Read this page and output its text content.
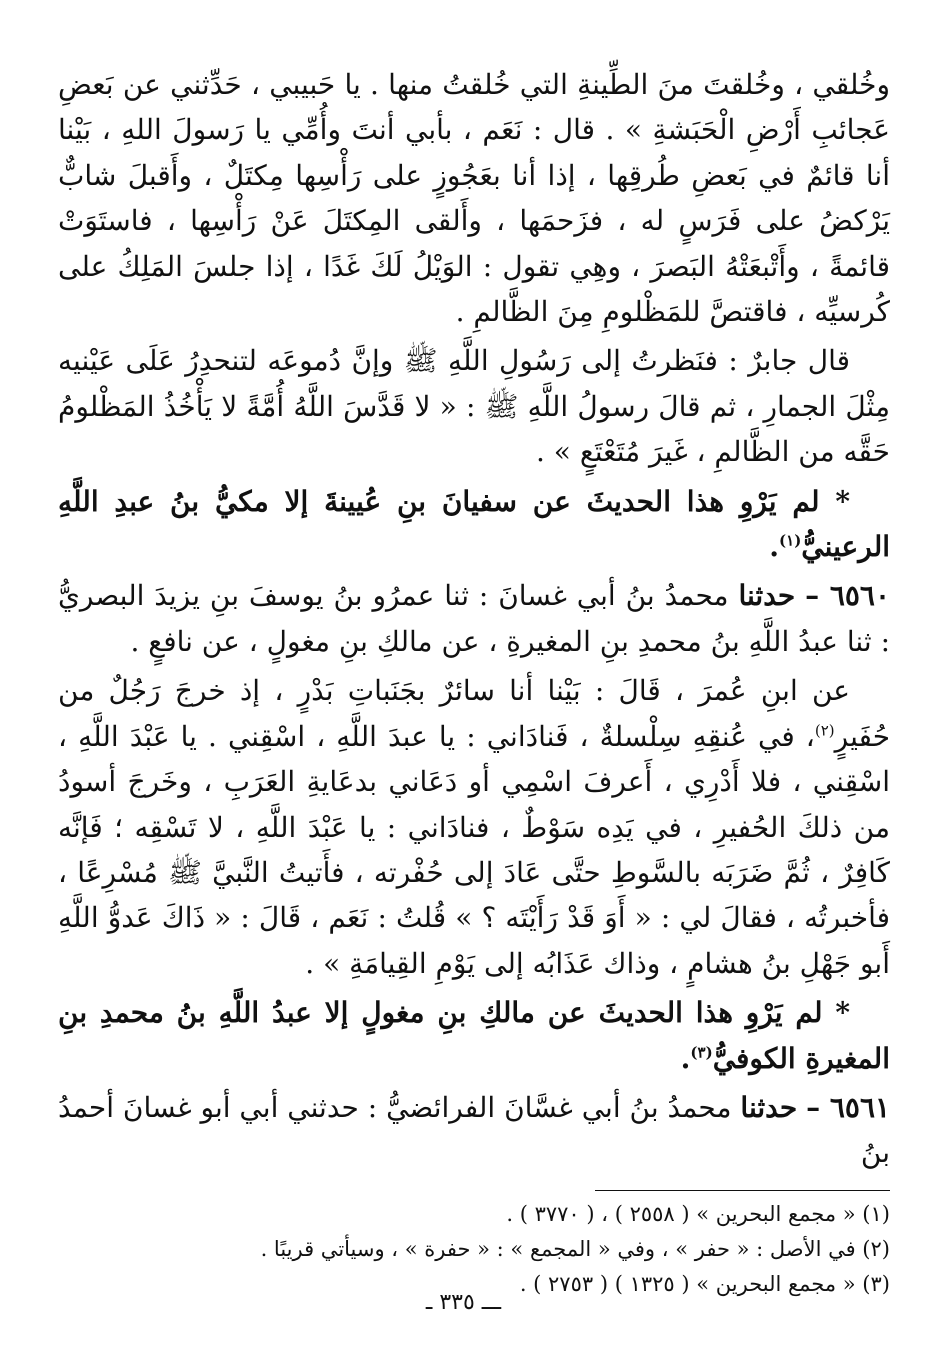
وخُلقي ، وخُلقتَ منَ الطِّينةِ التي خُلقتُ منها . يا حَبيبي ، حَدِّثني عن بَعضِ عَجائبِ أَرْضِ الْحَبَشةِ » . قال : نَعَم ، بأبي أنتَ وأُمِّي يا رَسولَ اللهِ ، بَيْنا أنا قائمٌ في بَعضِ طُرقِها ، إذا أنا بعَجُوزٍ على رَأْسِها مِكتَلٌ ، وأَقبلَ شابٌّ يَرْكضُ على فَرَسٍ له ، فزَحمَها ، وأَلقى المِكتَلَ عَنْ رَأْسِها ، فاستَوَتْ قائمةً ، وأَتْبعَتْهُ البَصرَ ، وهِي تقول : الوَيْلُ لَكَ غَدًا ، إذا جلسَ المَلِكُ على كُرسيِّه ، فاقتصَّ للمَظْلومِ مِنَ الظَّالمِ .

قال جابرٌ : فنَظرتُ إلى رَسُولِ اللَّهِ ﷺ وإنَّ دُموعَه لتنحدِرُ عَلَى عَيْنيه مِثْلَ الجمارِ ، ثم قالَ رسولُ اللَّهِ ﷺ : « لا قَدَّسَ اللَّهُ أُمَّةً لا يَأْخُذُ المَظْلومُ حَقَّه من الظَّالمِ ، غَيرَ مُتَعْتَعٍ » .

* لم يَرْوِ هذا الحديثَ عن سفيانَ بنِ عُيينةَ إلا مكيُّ بنُ عبدِ اللَّهِ الرعينيُّ$^{(١)}$.

٦٥٦٠ – حدثنا محمدُ بنُ أبي غسانَ : ثنا عمرُو بنُ يوسفَ بنِ يزيدَ البصريُّ : ثنا عبدُ اللَّهِ بنُ محمدِ بنِ المغيرةِ ، عن مالكِ بنِ مغولٍ ، عن نافعٍ .

عن ابنِ عُمرَ ، قَالَ : بَيْنا أنا سائرٌ بجَنَباتِ بَدْرٍ ، إذ خرجَ رَجُلٌ من حُفَيرٍ$^{(٢)}$، في عُنقِهِ سِلْسلةٌ ، فَنادَاني : يا عبدَ اللَّهِ ، اسْقِني . يا عَبْدَ اللَّهِ ، اسْقِني ، فلا أَدْرِي ، أَعرفَ اسْمِي أو دَعَاني بدعَايةِ العَرَبِ ، وخَرجَ أسودُ من ذلكَ الحُفيرِ ، في يَدِه سَوْطٌ ، فنادَاني : يا عَبْدَ اللَّهِ ، لا تَسْقِه ؛ فَإنَّه كَافِرٌ ، ثُمَّ ضَرَبَه بالسَّوطِ حتَّى عَادَ إلى حُفْرته ، فأَتيتُ النَّبيَّ ﷺ مُسْرِعًا ، فأخبرتُه ، فقالَ لي : « أَوَ قَدْ رَأَيْتَه ؟ » قُلتُ : نَعَم ، قَالَ : « ذَاكَ عَدوُّ اللَّهِ أَبو جَهْلِ بنُ هشامٍ ، وذاك عَذَابُه إلى يَوْمِ القِيامَةِ » .

* لم يَرْوِ هذا الحديثَ عن مالكِ بنِ مغولٍ إلا عبدُ اللَّهِ بنُ محمدِ بنِ المغيرةِ الكوفيُّ$^{(٣)}$.

٦٥٦١ – حدثنا محمدُ بنُ أبي غسَّانَ الفرائضيُّ : حدثني أبي أبو غسانَ أحمدُ بنُ

(١) « مجمع البحرين » ( ٢٥٥٨ ) ، ( ٣٧٧٠ ) .

(٢) في الأصل : « حفر » ، وفي « المجمع » : « حفرة » ، وسيأتي قريبًا .

(٣) « مجمع البحرين » ( ١٣٢٥ ) ( ٢٧٥٣ ) .

ـــ ٣٣٥ ـ
